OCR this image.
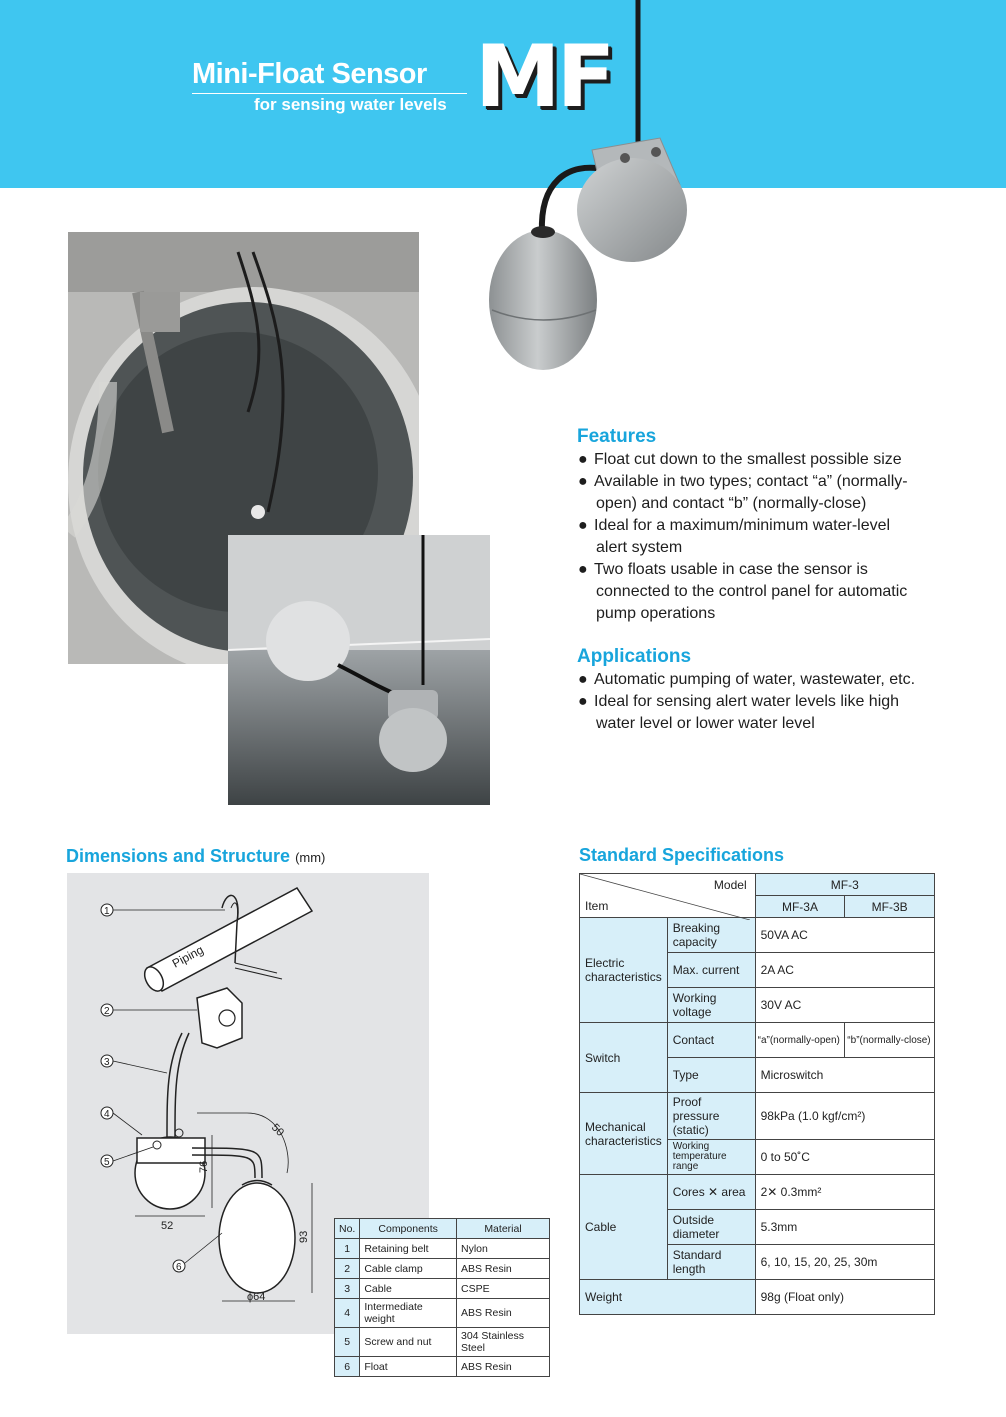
Mini-Float Sensor
for sensing water levels MF
Features
● Float cut down to the smallest possible size
● Available in two types; contact “a” (normally-
open) and contact “b” (normally-close)
● Ideal for a maximum/minimum water-level
alert system
● Two floats usable in case the sensor is
connected to the control panel for automatic
pump operations
Applications
● Automatic pumping of water, wastewater, etc.
● Ideal for sensing alert water levels like high
water level or lower water level
Dimensions and Structure (mm)
Piping
50
76
52
93
ϕ64
1
2
3
4
5
6
No.	Components	Material
1	Retaining belt	Nylon
2	Cable clamp	ABS Resin
3	Cable	CSPE
4	Intermediate weight	ABS Resin
5	Screw and nut	304 Stainless Steel
6	Float	ABS Resin
Standard Specifications
Model
Item		MF-3	
		MF-3A	MF-3B
Electric characteristics	Breaking capacity	50VA AC	
	Max. current	2A AC	
	Working voltage	30V AC	
Switch	Contact	“a”(normally-open)	“b”(normally-close)
	Type	Microswitch	
Mechanical characteristics	Proof pressure (static)	98kPa (1.0 kgf/cm²)	
	Working temperature range	0 to 50˚C	
Cable	Cores ✕ area	2✕ 0.3mm²	
	Outside diameter	5.3mm	
	Standard length	6, 10, 15, 20, 25, 30m	
Weight		98g (Float only)	
